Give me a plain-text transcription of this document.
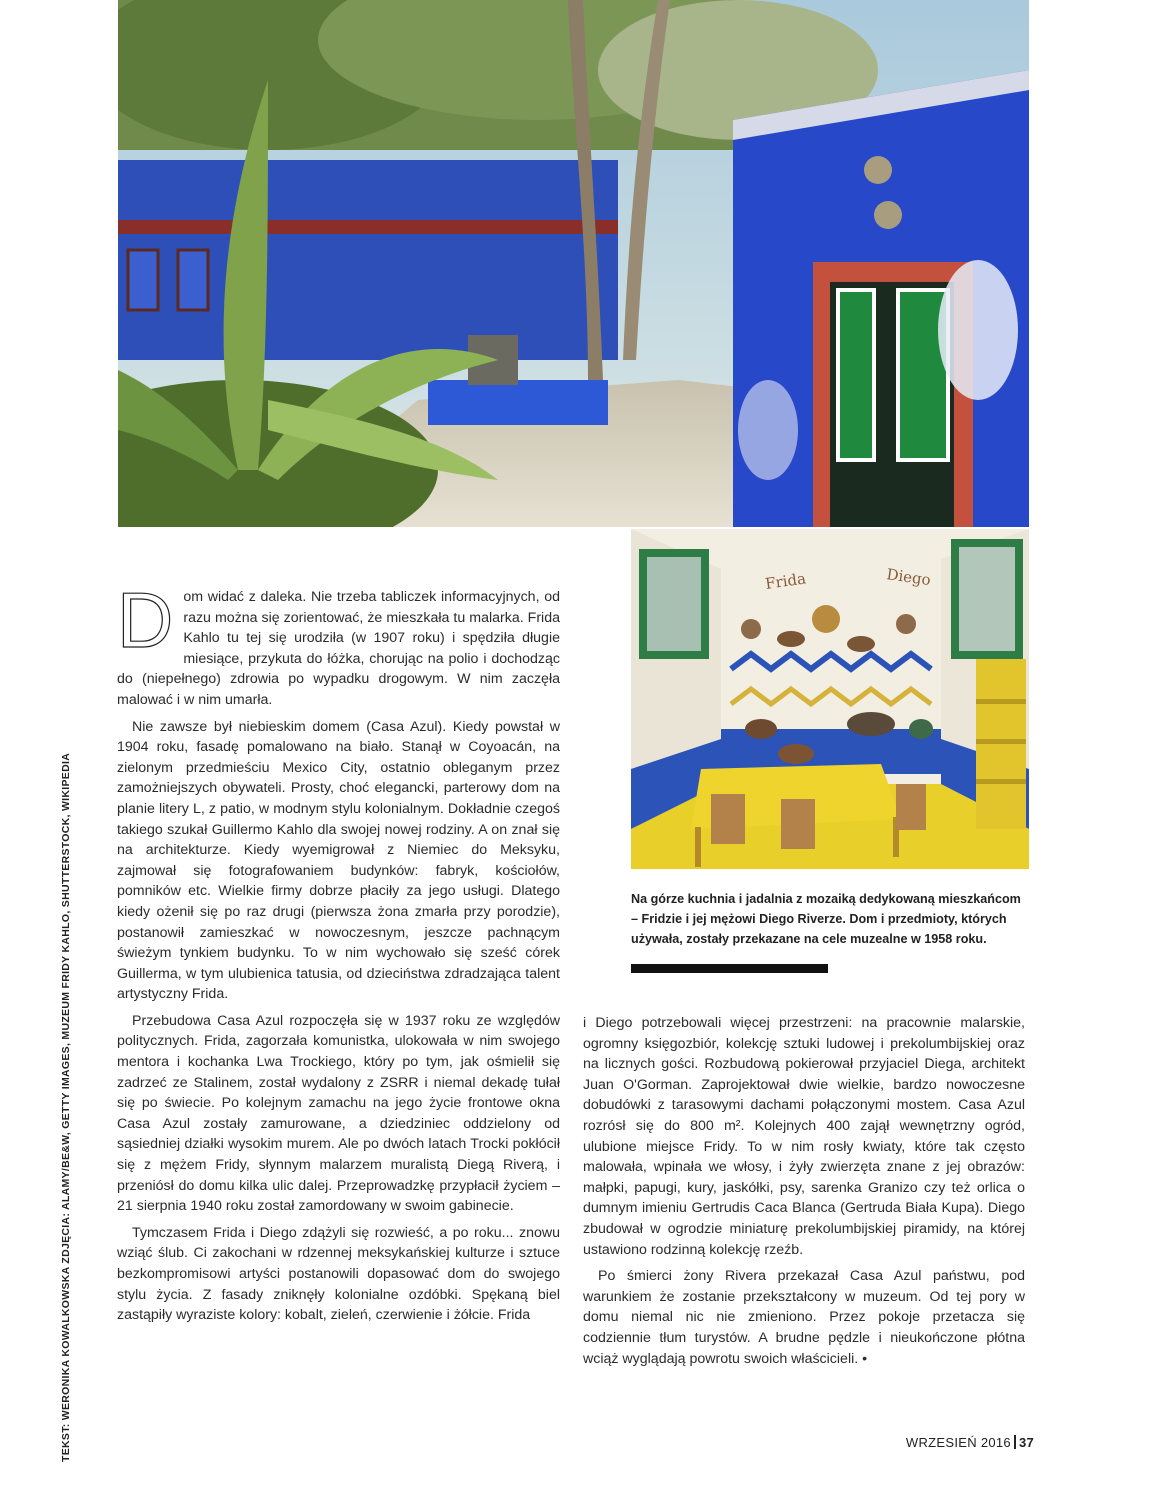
Frida	Diego
TEKST: WERONIKA KOWALKOWSKA ZDJĘCIA: ALAMY/BE&W, GETTY IMAGES, MUZEUM FRIDY KAHLO, SHUTTERSTOCK, WIKIPEDIA

Dom widać z daleka. Nie trzeba tabliczek informacyjnych, od razu można się zorientować, że mieszkała tu malarka. Frida Kahlo tu tej się urodziła (w 1907 roku) i spędziła długie miesiące, przykuta do łóżka, chorując na polio i dochodząc do (niepełnego) zdrowia po wypadku drogowym. W nim zaczęła malować i w nim umarła.

Nie zawsze był niebieskim domem (Casa Azul). Kiedy powstał w 1904 roku, fasadę pomalowano na biało. Stanął w Coyoacán, na zielonym przedmieściu Mexico City, ostatnio obleganym przez zamożniejszych obywateli. Prosty, choć elegancki, parterowy dom na planie litery L, z patio, w modnym stylu kolonialnym. Dokładnie czegoś takiego szukał Guillermo Kahlo dla swojej nowej rodziny. A on znał się na architekturze. Kiedy wyemigrował z Niemiec do Meksyku, zajmował się fotografowaniem budynków: fabryk, kościołów, pomników etc. Wielkie firmy dobrze płaciły za jego usługi. Dlatego kiedy ożenił się po raz drugi (pierwsza żona zmarła przy porodzie), postanowił zamieszkać w nowoczesnym, jeszcze pachnącym świeżym tynkiem budynku. To w nim wychowało się sześć córek Guillerma, w tym ulubienica tatusia, od dzieciństwa zdradzająca talent artystyczny Frida.

Przebudowa Casa Azul rozpoczęła się w 1937 roku ze względów politycznych. Frida, zagorzała komunistka, ulokowała w nim swojego mentora i kochanka Lwa Trockiego, który po tym, jak ośmielił się zadrzeć ze Stalinem, został wydalony z ZSRR i niemal dekadę tułał się po świecie. Po kolejnym zamachu na jego życie frontowe okna Casa Azul zostały zamurowane, a dziedziniec oddzielony od sąsiedniej działki wysokim murem. Ale po dwóch latach Trocki pokłócił się z mężem Fridy, słynnym malarzem muralistą Diegą Riverą, i przeniósł do domu kilka ulic dalej. Przeprowadzkę przypłacił życiem – 21 sierpnia 1940 roku został zamordowany w swoim gabinecie.

Tymczasem Frida i Diego zdążyli się rozwieść, a po roku... znowu wziąć ślub. Ci zakochani w rdzennej meksykańskiej kulturze i sztuce bezkompromisowi artyści postanowili dopasować dom do swojego stylu życia. Z fasady zniknęły kolonialne ozdóbki. Spękaną biel zastąpiły wyraziste kolory: kobalt, zieleń, czerwienie i żółcie. Frida

Na górze kuchnia i jadalnia z mozaiką dedykowaną mieszkańcom – Fridzie i jej mężowi Diego Riverze. Dom i przedmioty, których używała, zostały przekazane na cele muzealne w 1958 roku.

i Diego potrzebowali więcej przestrzeni: na pracownie malarskie, ogromny księgozbiór, kolekcję sztuki ludowej i prekolumbijskiej oraz na licznych gości. Rozbudową pokierował przyjaciel Diega, architekt Juan O'Gorman. Zaprojektował dwie wielkie, bardzo nowoczesne dobudówki z tarasowymi dachami połączonymi mostem. Casa Azul rozrósł się do 800 m². Kolejnych 400 zajął wewnętrzny ogród, ulubione miejsce Fridy. To w nim rosły kwiaty, które tak często malowała, wpinała we włosy, i żyły zwierzęta znane z jej obrazów: małpki, papugi, kury, jaskółki, psy, sarenka Granizo czy też orlica o dumnym imieniu Gertrudis Caca Blanca (Gertruda Biała Kupa). Diego zbudował w ogrodzie miniaturę prekolumbijskiej piramidy, na której ustawiono rodzinną kolekcję rzeźb.

Po śmierci żony Rivera przekazał Casa Azul państwu, pod warunkiem że zostanie przekształcony w muzeum. Od tej pory w domu niemal nic nie zmieniono. Przez pokoje przetacza się codziennie tłum turystów. A brudne pędzle i nieukończone płótna wciąż wyglądają powrotu swoich właścicieli. •

WRZESIEŃ 2016 37
